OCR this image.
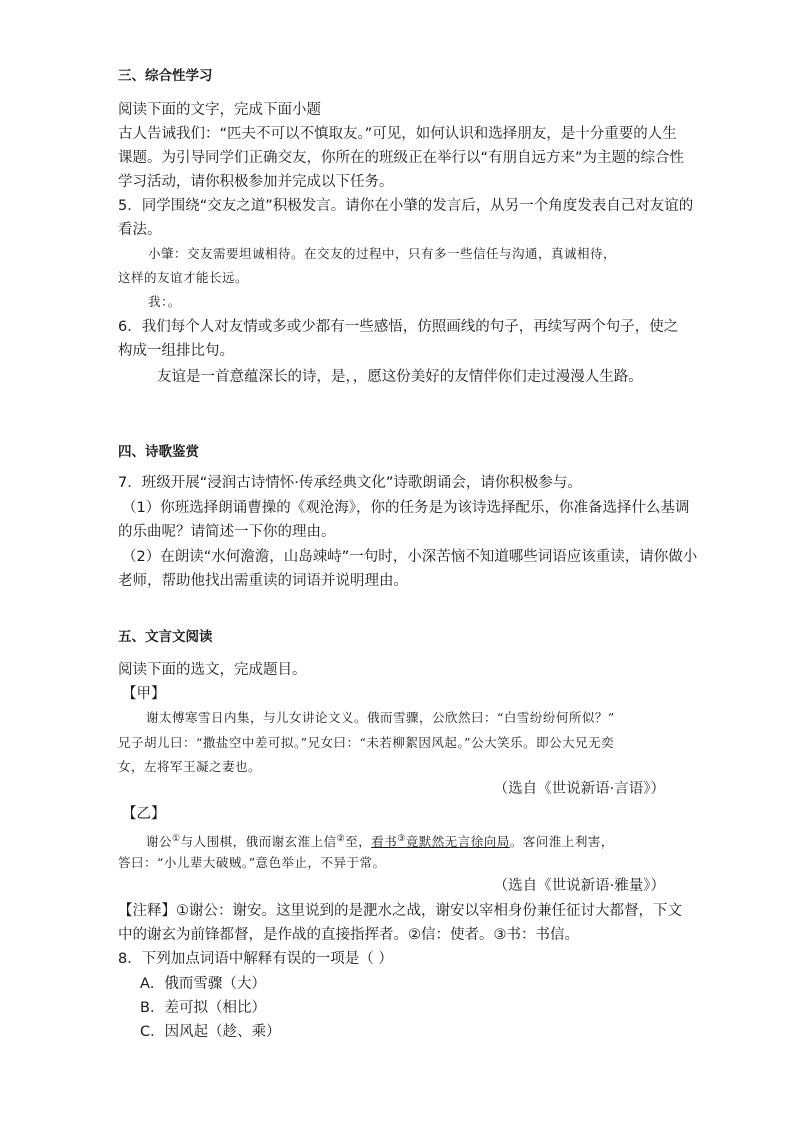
三、综合性学习
阅读下面的文字，完成下面小题
古人告诫我们：“匹夫不可以不慎取友。”可见，如何认识和选择朋友，是十分重要的人生
课题。为引导同学们正确交友，你所在的班级正在举行以“有朋自远方来”为主题的综合性
学习活动，请你积极参加并完成以下任务。
5．同学围绕“交友之道”积极发言。请你在小肇的发言后，从另一个角度发表自己对友谊的
看法。
小肇：交友需要坦诚相待。在交友的过程中，只有多一些信任与沟通，真诚相待，
这样的友谊才能长远。
我：。
6．我们每个人对友情或多或少都有一些感悟，仿照画线的句子，再续写两个句子，使之
构成一组排比句。
友谊是一首意蕴深长的诗，是，，愿这份美好的友情伴你们走过漫漫人生路。
四、诗歌鉴赏
7．班级开展“浸润古诗情怀·传承经典文化”诗歌朗诵会，请你积极参与。
（1）你班选择朗诵曹操的《观沧海》，你的任务是为该诗选择配乐，你准备选择什么基调
的乐曲呢？请简述一下你的理由。
（2）在朗读“水何澹澹，山岛竦峙”一句时，小深苦恼不知道哪些词语应该重读，请你做小
老师，帮助他找出需重读的词语并说明理由。
五、文言文阅读
阅读下面的选文，完成题目。
【甲】
谢太傅寒雪日内集，与儿女讲论文义。俄而雪骤，公欣然曰：“白雪纷纷何所似？”
兄子胡儿曰：“撒盐空中差可拟。”兄女曰：“未若柳絮因风起。”公大笑乐。即公大兄无奕
女，左将军王凝之妻也。
（选自《世说新语·言语》）
【乙】
谢公①与人围棋，俄而谢玄淮上信②至，看书③竟默然无言徐向局。客问淮上利害，
答曰：“小儿辈大破贼。”意色举止，不异于常。
（选自《世说新语·雅量》）
【注释】①谢公：谢安。这里说到的是淝水之战，谢安以宰相身份兼任征讨大都督，下文
中的谢玄为前锋都督，是作战的直接指挥者。②信：使者。③书：书信。
8．下列加点词语中解释有误的一项是（ ）
A．俄而雪骤（大）
B．差可拟（相比）
C．因风起（趁、乘）
